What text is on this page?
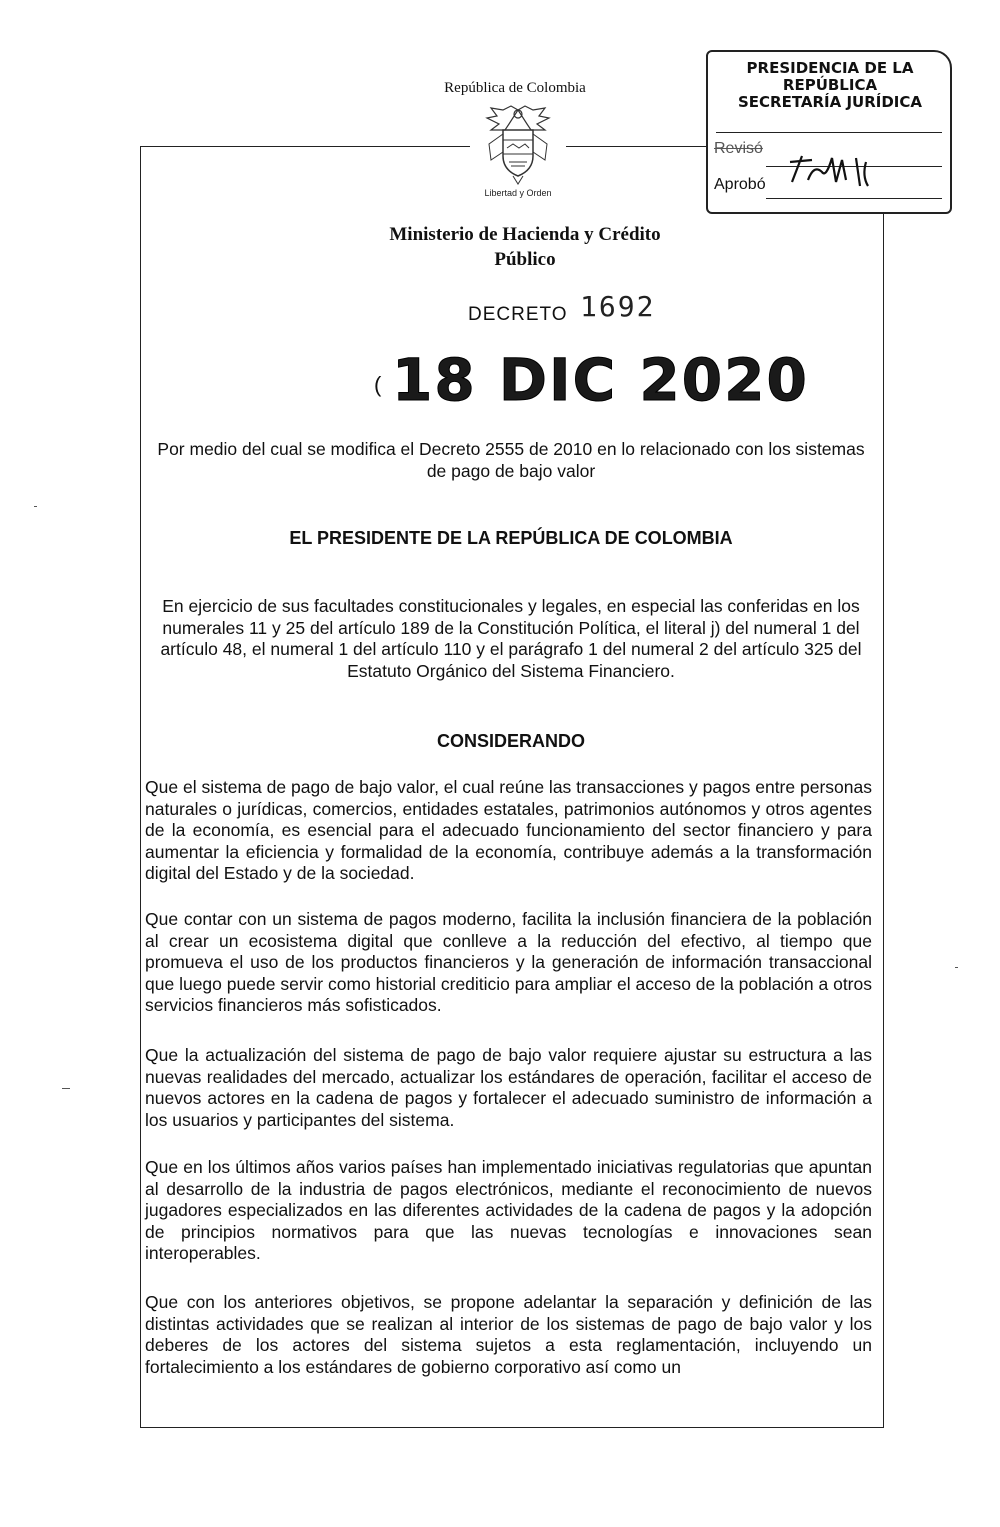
República de Colombia
Libertad y Orden
Ministerio de Hacienda y Crédito Público
PRESIDENCIA DE LA REPÚBLICA
SECRETARÍA JURÍDICA
Revisó
Aprobó
DECRETO 1692
( 18 DIC 2020
Por medio del cual se modifica el Decreto 2555 de 2010 en lo relacionado con los sistemas de pago de bajo valor
EL PRESIDENTE DE LA REPÚBLICA DE COLOMBIA
En ejercicio de sus facultades constitucionales y legales, en especial las conferidas en los numerales 11 y 25 del artículo 189 de la Constitución Política, el literal j) del numeral 1 del artículo 48, el numeral 1 del artículo 110 y el parágrafo 1 del numeral 2 del artículo 325 del Estatuto Orgánico del Sistema Financiero.
CONSIDERANDO

Que el sistema de pago de bajo valor, el cual reúne las transacciones y pagos entre personas naturales o jurídicas, comercios, entidades estatales, patrimonios autónomos y otros agentes de la economía, es esencial para el adecuado funcionamiento del sector financiero y para aumentar la eficiencia y formalidad de la economía, contribuye además a la transformación digital del Estado y de la sociedad.

Que contar con un sistema de pagos moderno, facilita la inclusión financiera de la población al crear un ecosistema digital que conlleve a la reducción del efectivo, al tiempo que promueva el uso de los productos financieros y la generación de información transaccional que luego puede servir como historial crediticio para ampliar el acceso de la población a otros servicios financieros más sofisticados.

Que la actualización del sistema de pago de bajo valor requiere ajustar su estructura a las nuevas realidades del mercado, actualizar los estándares de operación, facilitar el acceso de nuevos actores en la cadena de pagos y fortalecer el adecuado suministro de información a los usuarios y participantes del sistema.

Que en los últimos años varios países han implementado iniciativas regulatorias que apuntan al desarrollo de la industria de pagos electrónicos, mediante el reconocimiento de nuevos jugadores especializados en las diferentes actividades de la cadena de pagos y la adopción de principios normativos para que las nuevas tecnologías e innovaciones sean interoperables.

Que con los anteriores objetivos, se propone adelantar la separación y definición de las distintas actividades que se realizan al interior de los sistemas de pago de bajo valor y los deberes de los actores del sistema sujetos a esta reglamentación, incluyendo un fortalecimiento a los estándares de gobierno corporativo así como un
